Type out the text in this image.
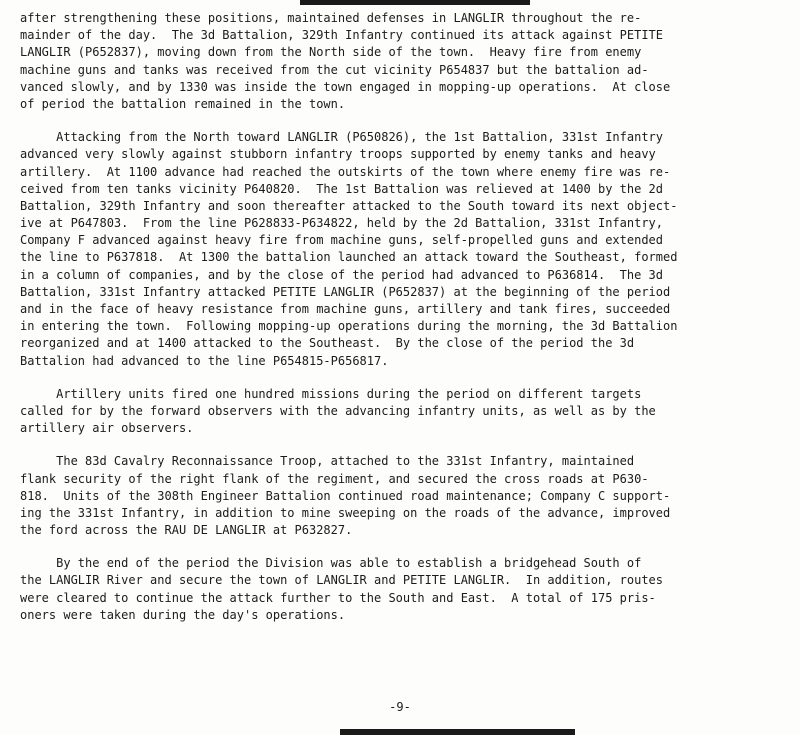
after strengthening these positions, maintained defenses in LANGLIR throughout the re-
mainder of the day.  The 3d Battalion, 329th Infantry continued its attack against PETITE
LANGLIR (P652837), moving down from the North side of the town.  Heavy fire from enemy
machine guns and tanks was received from the cut vicinity P654837 but the battalion ad-
vanced slowly, and by 1330 was inside the town engaged in mopping-up operations.  At close
of period the battalion remained in the town.
Attacking from the North toward LANGLIR (P650826), the 1st Battalion, 331st Infantry
advanced very slowly against stubborn infantry troops supported by enemy tanks and heavy
artillery.  At 1100 advance had reached the outskirts of the town where enemy fire was re-
ceived from ten tanks vicinity P640820.  The 1st Battalion was relieved at 1400 by the 2d
Battalion, 329th Infantry and soon thereafter attacked to the South toward its next object-
ive at P647803.  From the line P628833-P634822, held by the 2d Battalion, 331st Infantry,
Company F advanced against heavy fire from machine guns, self-propelled guns and extended
the line to P637818.  At 1300 the battalion launched an attack toward the Southeast, formed
in a column of companies, and by the close of the period had advanced to P636814.  The 3d
Battalion, 331st Infantry attacked PETITE LANGLIR (P652837) at the beginning of the period
and in the face of heavy resistance from machine guns, artillery and tank fires, succeeded
in entering the town.  Following mopping-up operations during the morning, the 3d Battalion
reorganized and at 1400 attacked to the Southeast.  By the close of the period the 3d
Battalion had advanced to the line P654815-P656817.
Artillery units fired one hundred missions during the period on different targets
called for by the forward observers with the advancing infantry units, as well as by the
artillery air observers.
The 83d Cavalry Reconnaissance Troop, attached to the 331st Infantry, maintained
flank security of the right flank of the regiment, and secured the cross roads at P630-
818.  Units of the 308th Engineer Battalion continued road maintenance; Company C support-
ing the 331st Infantry, in addition to mine sweeping on the roads of the advance, improved
the ford across the RAU DE LANGLIR at P632827.
By the end of the period the Division was able to establish a bridgehead South of
the LANGLIR River and secure the town of LANGLIR and PETITE LANGLIR.  In addition, routes
were cleared to continue the attack further to the South and East.  A total of 175 pris-
oners were taken during the day's operations.
-9-
